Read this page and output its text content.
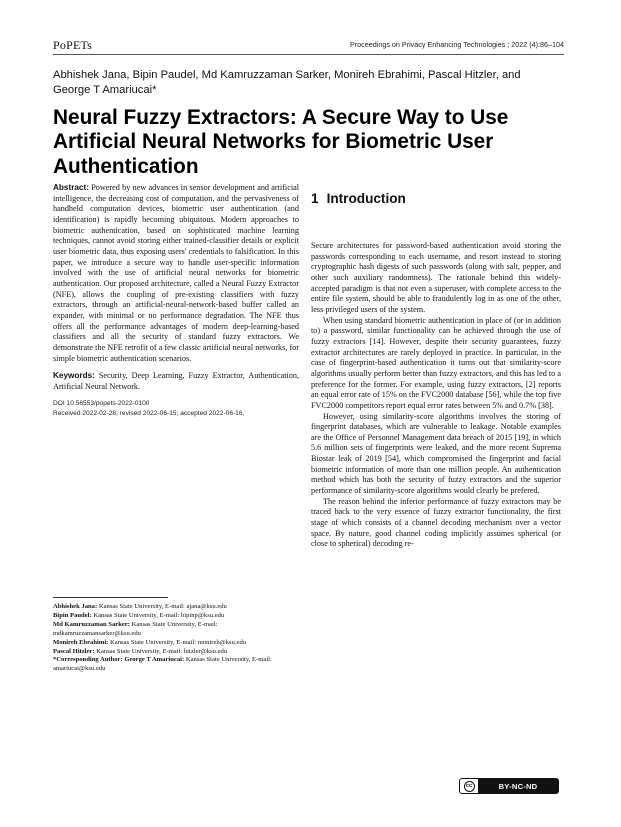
PoPETs	Proceedings on Privacy Enhancing Technologies ; 2022 (4):86–104
Abhishek Jana, Bipin Paudel, Md Kamruzzaman Sarker, Monireh Ebrahimi, Pascal Hitzler, and George T Amariucai*
Neural Fuzzy Extractors: A Secure Way to Use Artificial Neural Networks for Biometric User Authentication

Abstract: Powered by new advances in sensor development and artificial intelligence, the decreasing cost of computation, and the pervasiveness of handheld computation devices, biometric user authentication (and identification) is rapidly becoming ubiquitous. Modern approaches to biometric authentication, based on sophisticated machine learning techniques, cannot avoid storing either trained-classifier details or explicit user biometric data, thus exposing users' credentials to falsification. In this paper, we introduce a secure way to handle user-specific information involved with the use of artificial neural networks for biometric authentication. Our proposed architecture, called a Neural Fuzzy Extractor (NFE), allows the coupling of pre-existing classifiers with fuzzy extractors, through an artificial-neural-network-based buffer called an expander, with minimal or no performance degradation. The NFE thus offers all the performance advantages of modern deep-learning-based classifiers and all the security of standard fuzzy extractors. We demonstrate the NFE retrofit of a few classic artificial neural networks, for simple biometric authentication scenarios.

Keywords: Security, Deep Learning, Fuzzy Extractor, Authentication, Artificial Neural Network.

DOI 10.56553/popets-2022-0100
Received 2022-02-28; revised 2022-06-15; accepted 2022-06-16.

Abhishek Jana: Kansas State University, E-mail: ajana@ksu.edu

Bipin Paudel: Kansas State University, E-mail: bipinp@ksu.edu

Md Kamruzzaman Sarker: Kansas State University, E-mail: mdkamruzzamansarker@ksu.edu

Monireh Ebrahimi: Kansas State University, E-mail: monireh@ksu.edu

Pascal Hitzler: Kansas State University, E-mail: hitzler@ksu.edu

*Corresponding Author: George T Amariucai: Kansas State University, E-mail: amariucai@ksu.edu

1 Introduction

Secure architectures for password-based authentication avoid storing the passwords corresponding to each username, and resort instead to storing cryptographic hash digests of such passwords (along with salt, pepper, and other such auxiliary randomness). The rationale behind this widely-accepted paradigm is that not even a superuser, with complete access to the entire file system, should be able to fraudulently log in as one of the other, less privileged users of the system.

When using standard biometric authentication in place of (or in addition to) a password, similar functionality can be achieved through the use of fuzzy extractors [14]. However, despite their security guarantees, fuzzy extractor architectures are rarely deployed in practice. In particular, in the case of fingerprint-based authentication it turns out that similarity-score algorithms usually perform better than fuzzy extractors, and this has led to a preference for the former. For example, using fuzzy extractors, [2] reports an equal error rate of 15% on the FVC2000 database [56], while the top five FVC2000 competitors report equal error rates between 5% and 0.7% [38].

However, using similarity-score algorithms involves the storing of fingerprint databases, which are vulnerable to leakage. Notable examples are the Office of Personnel Management data breach of 2015 [19], in which 5.6 million sets of fingerprints were leaked, and the more recent Suprema Biostar leak of 2019 [54], which compromised the fingerprint and facial biometric information of more than one million people. An authentication method which has both the security of fuzzy extractors and the superior performance of similarity-score algorithms would clearly be prefered.

The reason behind the inferior performance of fuzzy extractors may be traced back to the very essence of fuzzy extractor functionality, the first stage of which consists of a channel decoding mechanism over a vector space. By nature, good channel coding implicitly assumes spherical (or close to spherical) decoding re-

cc	BY-NC-ND
